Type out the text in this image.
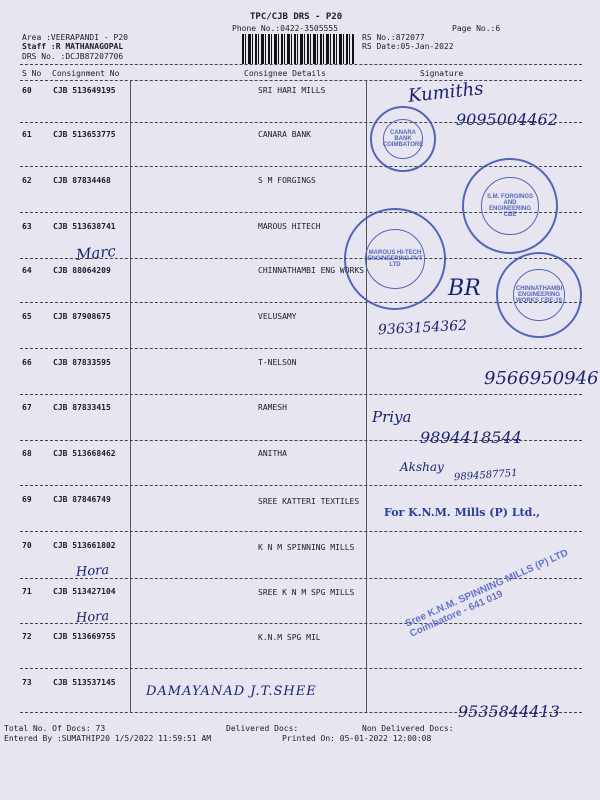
TPC/CJB DRS - P20
Phone No.:0422-3505555	Page No.:6
Area :VEERAPANDI - P20
Staff :R MATHANAGOPAL
DRS No. :DCJB87207706
RS No.:872077
RS Date:05-Jan-2022
S No Consignment No	Consignee Details	Signature
60	CJB 513649195	SRI HARI MILLS
61	CJB 513653775	CANARA BANK
62	CJB 87834468	S M FORGINGS
63	CJB 513638741	MAROUS HITECH
64	CJB 88064209	CHINNATHAMBI ENG WORKS
65	CJB 87908675	VELUSAMY
66	CJB 87833595	T-NELSON
67	CJB 87833415	RAMESH
68	CJB 513668462	ANITHA
69	CJB 87846749	SREE KATTERI TEXTILES
70	CJB 513661802	K N M SPINNING MILLS
71	CJB 513427104	SREE K N M SPG MILLS
72	CJB 513669755	K.N.M SPG MIL
73	CJB 513537145
CANARA BANK COIMBATORE
S.M. FORGINGS AND ENGINEERING CBE
MAROUS HI-TECH ENGINEERING PVT LTD
CHINNATHAMBI ENGINEERING WORKS CBE-19
For K.N.M. Mills (P) Ltd.,
Sree K.N.M. SPINNING MILLS (P) LTD Coimbatore - 641 019
Kumiths
9095004462
Marc
BR
9363154362
9566950946
Priya
9894418544
Akshay
9894587751
Hora
Hora
DAMAYANAD J.T.SHEE
9535844413
Total No. Of Docs: 73	Delivered Docs:	Non Delivered Docs:
Entered By :SUMATHIP20 1/5/2022 11:59:51 AM	Printed On: 05-01-2022 12:00:08
